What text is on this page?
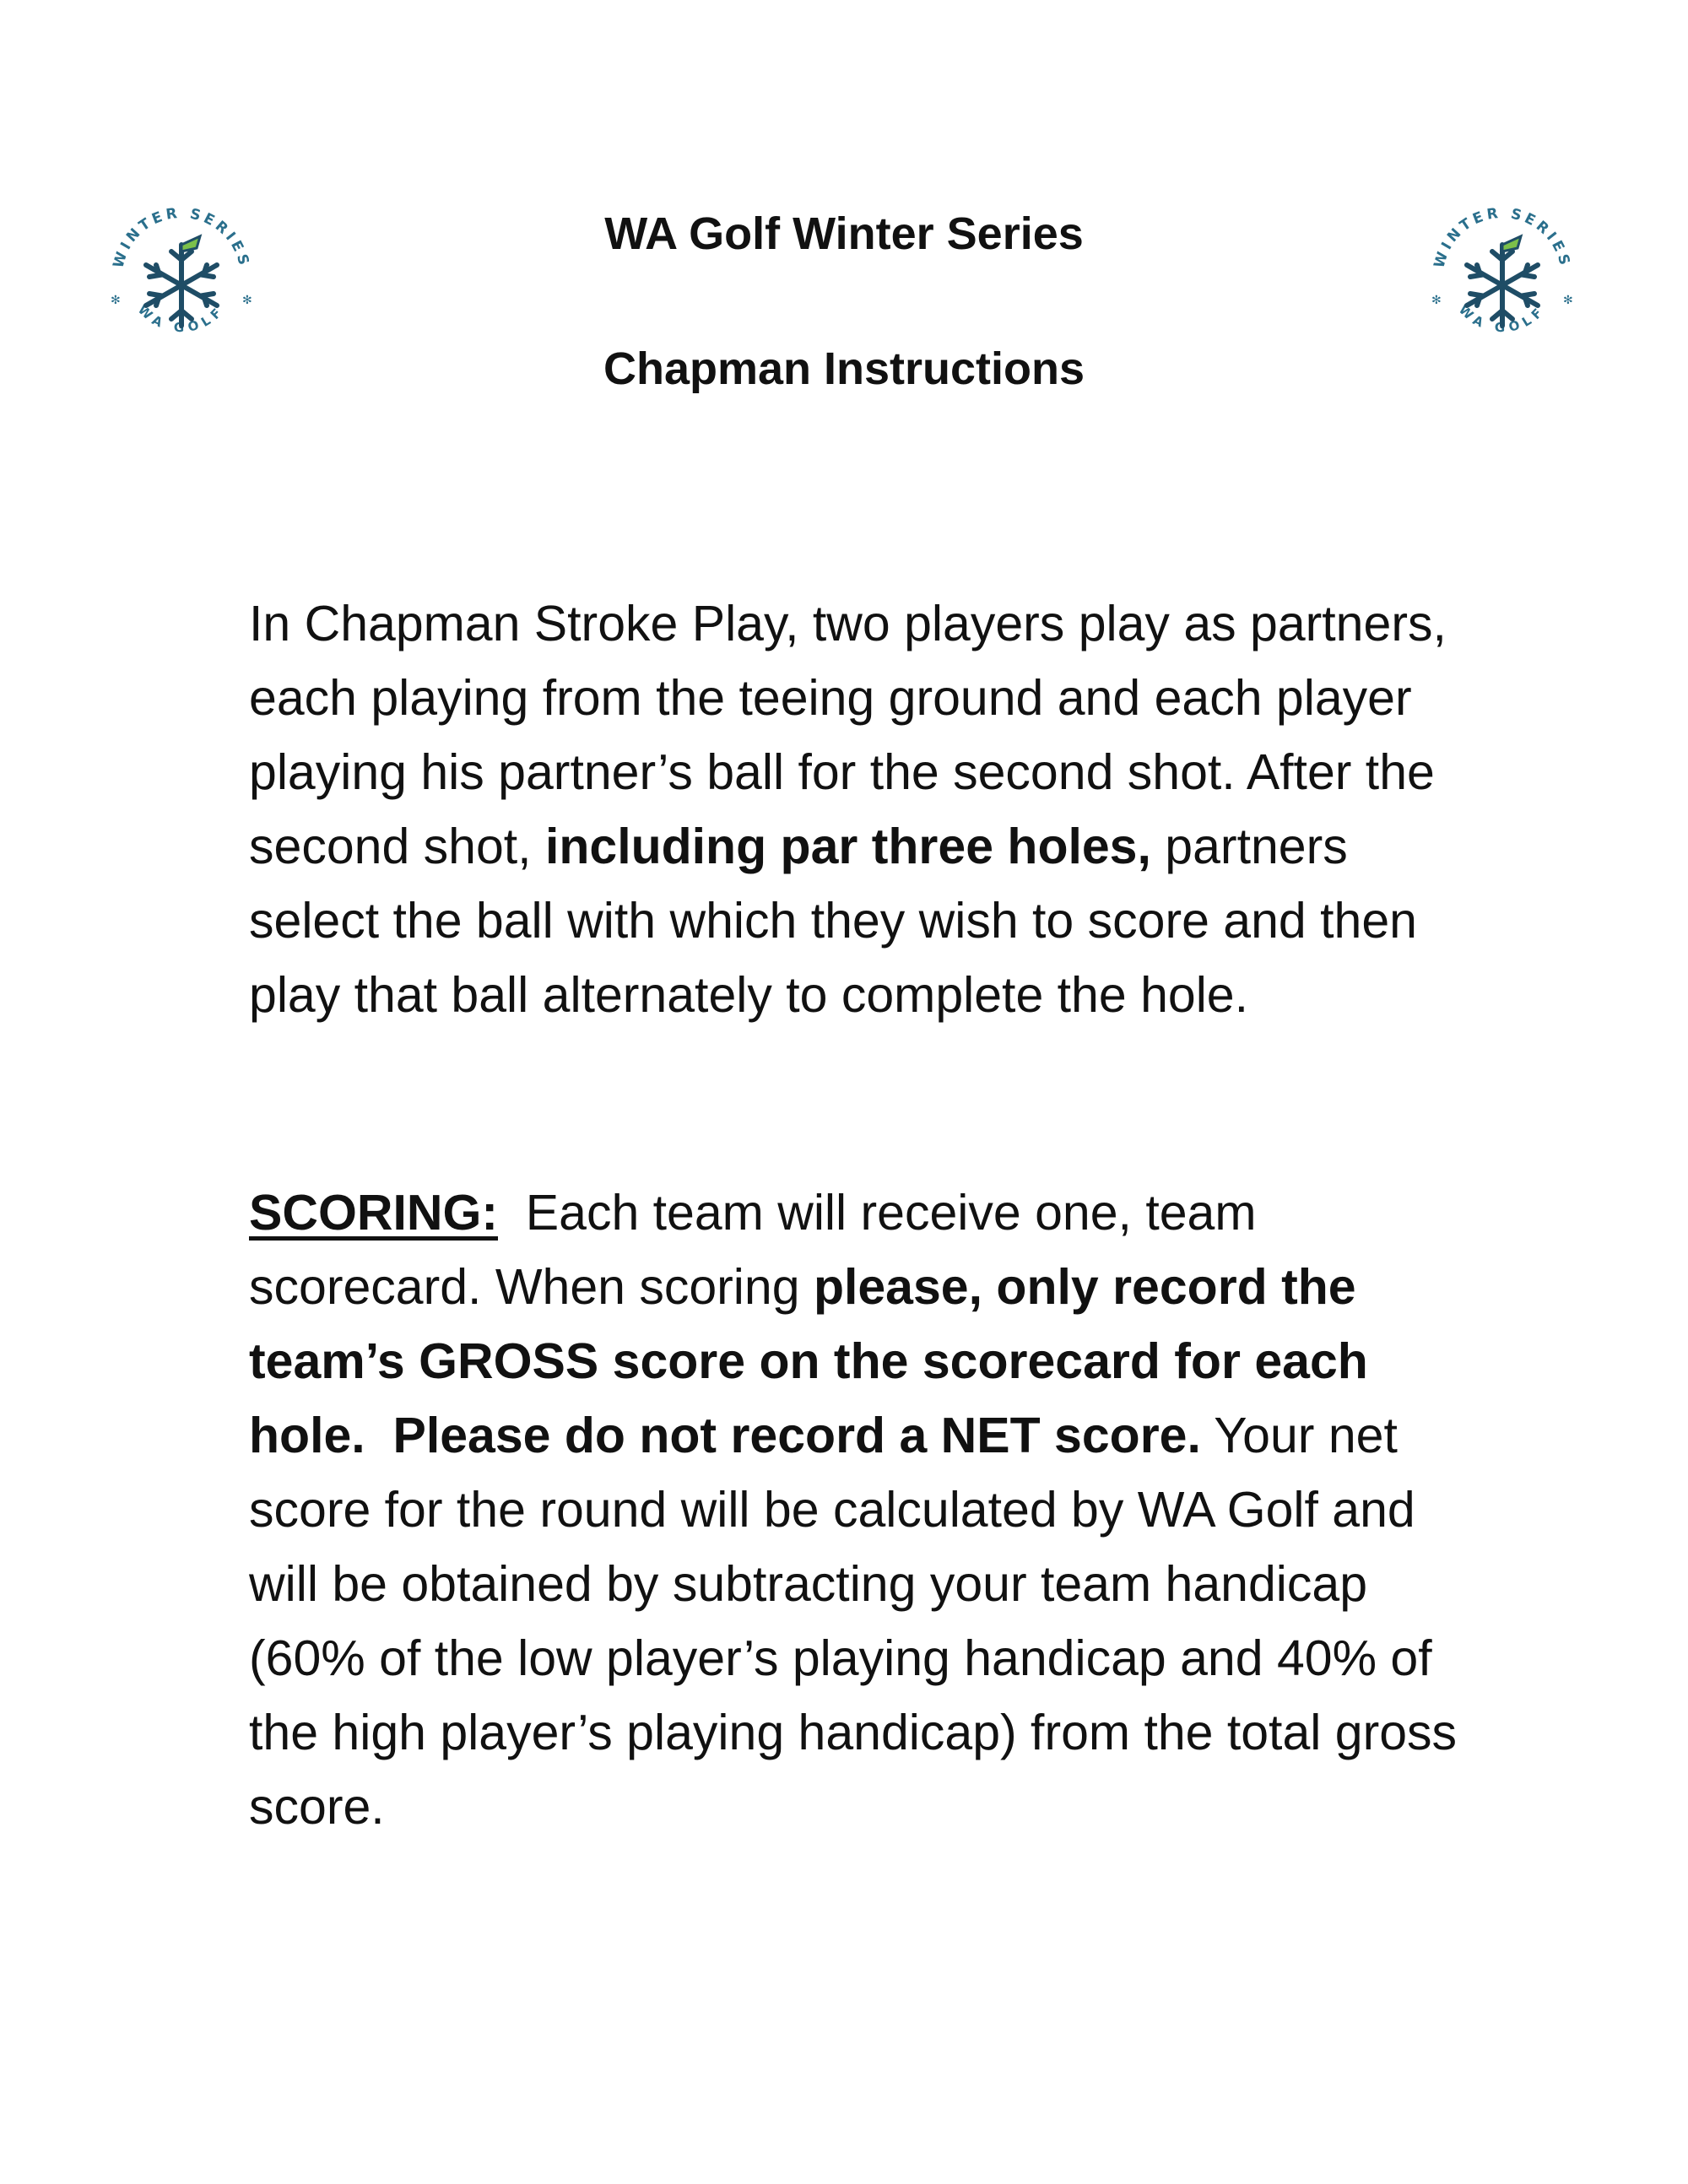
WINTER SERIES
WA GOLF
✻	✻
WINTER SERIES
WA GOLF
✻	✻
WA Golf Winter Series
Chapman Instructions

In Chapman Stroke Play, two players play as partners, each playing from the teeing ground and each player playing his partner’s ball for the second shot. After the second shot, including par three holes, partners select the ball with which they wish to score and then play that ball alternately to complete the hole.

SCORING:  Each team will receive one, team scorecard. When scoring please, only record the team’s GROSS score on the scorecard for each hole.  Please do not record a NET score. Your net score for the round will be calculated by WA Golf and will be obtained by subtracting your team handicap (60% of the low player’s playing handicap and 40% of the high player’s playing handicap) from the total gross score.
